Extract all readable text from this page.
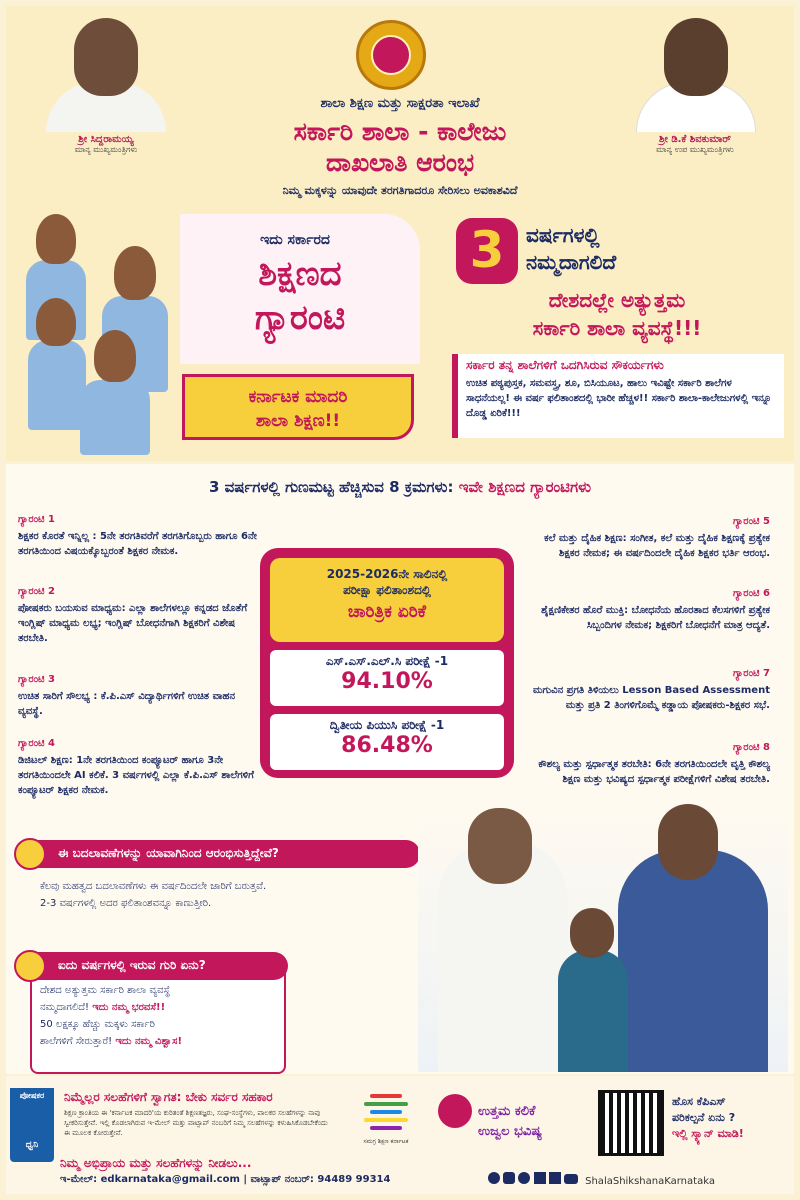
ಶ್ರೀ ಸಿದ್ದರಾಮಯ್ಯ
ಮಾನ್ಯ ಮುಖ್ಯಮಂತ್ರಿಗಳು
ಶ್ರೀ ಡಿ.ಕೆ ಶಿವಕುಮಾರ್
ಮಾನ್ಯ ಉಪ ಮುಖ್ಯಮಂತ್ರಿಗಳು
ಶಾಲಾ ಶಿಕ್ಷಣ ಮತ್ತು ಸಾಕ್ಷರತಾ ಇಲಾಖೆ
ಸರ್ಕಾರಿ ಶಾಲಾ - ಕಾಲೇಜು
ದಾಖಲಾತಿ ಆರಂಭ
ನಿಮ್ಮ ಮಕ್ಕಳನ್ನು ಯಾವುದೇ ತರಗತಿಗಾದರೂ ಸೇರಿಸಲು ಅವಕಾಶವಿದೆ
ಇದು ಸರ್ಕಾರದ
ಶಿಕ್ಷಣದ
ಗ್ಯಾರಂಟಿ
ಕರ್ನಾಟಕ ಮಾದರಿ
ಶಾಲಾ ಶಿಕ್ಷಣ!!
3	ವರ್ಷಗಳಲ್ಲಿ
ನಮ್ಮದಾಗಲಿದೆ
ದೇಶದಲ್ಲೇ ಅತ್ಯುತ್ತಮ
ಸರ್ಕಾರಿ ಶಾಲಾ ವ್ಯವಸ್ಥೆ!!!
ಸರ್ಕಾರ ತನ್ನ ಶಾಲೆಗಳಿಗೆ ಒದಗಿಸಿರುವ ಸೌಕರ್ಯಗಳು
ಉಚಿತ ಪಠ್ಯಪುಸ್ತಕ, ಸಮವಸ್ತ್ರ, ಶೂ, ಬಿಸಿಯೂಟ, ಹಾಲು ಇವಿಷ್ಟೇ ಸರ್ಕಾರಿ ಶಾಲೆಗಳ ಸಾಧನೆಯಲ್ಲ! ಈ ವರ್ಷ ಫಲಿತಾಂಶದಲ್ಲಿ ಭಾರೀ ಹೆಚ್ಚಳ!! ಸರ್ಕಾರಿ ಶಾಲಾ-ಕಾಲೇಜುಗಳಲ್ಲಿ ಇನ್ನೂ ದೊಡ್ಡ ಏರಿಕೆ!!!
3 ವರ್ಷಗಳಲ್ಲಿ ಗುಣಮಟ್ಟ ಹೆಚ್ಚಿಸುವ 8 ಕ್ರಮಗಳು: ಇವೇ ಶಿಕ್ಷಣದ ಗ್ಯಾರಂಟಿಗಳು
ಗ್ಯಾರಂಟಿ 1
ಶಿಕ್ಷಕರ ಕೊರತೆ ಇನ್ನಿಲ್ಲ : 5ನೇ ತರಗತಿವರೆಗೆ ತರಗತಿಗೊಬ್ಬರು ಹಾಗೂ 6ನೇ ತರಗತಿಯಿಂದ ವಿಷಯಕ್ಕೊಬ್ಬರಂತೆ ಶಿಕ್ಷಕರ ನೇಮಕ.
ಗ್ಯಾರಂಟಿ 2
ಪೋಷಕರು ಬಯಸುವ ಮಾಧ್ಯಮ: ಎಲ್ಲಾ ಶಾಲೆಗಳಲ್ಲೂ ಕನ್ನಡದ ಜೊತೆಗೆ ಇಂಗ್ಲಿಷ್ ಮಾಧ್ಯಮ ಲಭ್ಯ; ಇಂಗ್ಲಿಷ್ ಬೋಧನೆಗಾಗಿ ಶಿಕ್ಷಕರಿಗೆ ವಿಶೇಷ ತರಬೇತಿ.
ಗ್ಯಾರಂಟಿ 3
ಉಚಿತ ಸಾರಿಗೆ ಸೌಲಭ್ಯ : ಕೆ.ಪಿ.ಎಸ್ ವಿದ್ಯಾರ್ಥಿಗಳಿಗೆ ಉಚಿತ ವಾಹನ ವ್ಯವಸ್ಥೆ.
ಗ್ಯಾರಂಟಿ 4
ಡಿಜಿಟಲ್ ಶಿಕ್ಷಣ: 1ನೇ ತರಗತಿಯಿಂದ ಕಂಪ್ಯೂಟರ್ ಹಾಗೂ 3ನೇ ತರಗತಿಯಿಂದಲೇ AI ಕಲಿಕೆ. 3 ವರ್ಷಗಳಲ್ಲಿ ಎಲ್ಲಾ ಕೆ.ಪಿ.ಎಸ್ ಶಾಲೆಗಳಿಗೆ ಕಂಪ್ಯೂಟರ್ ಶಿಕ್ಷಕರ ನೇಮಕ.
ಗ್ಯಾರಂಟಿ 5
ಕಲೆ ಮತ್ತು ದೈಹಿಕ ಶಿಕ್ಷಣ: ಸಂಗೀತ, ಕಲೆ ಮತ್ತು ದೈಹಿಕ ಶಿಕ್ಷಣಕ್ಕೆ ಪ್ರತ್ಯೇಕ ಶಿಕ್ಷಕರ ನೇಮಕ; ಈ ವರ್ಷದಿಂದಲೇ ದೈಹಿಕ ಶಿಕ್ಷಕರ ಭರ್ತಿ ಆರಂಭ.
ಗ್ಯಾರಂಟಿ 6
ಶೈಕ್ಷಣಿಕೇತರ ಹೊರೆ ಮುಕ್ತಿ: ಬೋಧನೆಯ ಹೊರತಾದ ಕೆಲಸಗಳಿಗೆ ಪ್ರತ್ಯೇಕ ಸಿಬ್ಬಂದಿಗಳ ನೇಮಕ; ಶಿಕ್ಷಕರಿಗೆ ಬೋಧನೆಗೆ ಮಾತ್ರ ಆದ್ಯತೆ.
ಗ್ಯಾರಂಟಿ 7
ಮಗುವಿನ ಪ್ರಗತಿ ತಿಳಿಯಲು Lesson Based Assessment ಮತ್ತು ಪ್ರತಿ 2 ತಿಂಗಳಿಗೊಮ್ಮೆ ಕಡ್ಡಾಯ ಪೋಷಕರು-ಶಿಕ್ಷಕರ ಸಭೆ.
ಗ್ಯಾರಂಟಿ 8
ಕೌಶಲ್ಯ ಮತ್ತು ಸ್ಪರ್ಧಾತ್ಮಕ ತರಬೇತಿ: 6ನೇ ತರಗತಿಯಿಂದಲೇ ವೃತ್ತಿ ಕೌಶಲ್ಯ ಶಿಕ್ಷಣ ಮತ್ತು ಭವಿಷ್ಯದ ಸ್ಪರ್ಧಾತ್ಮಕ ಪರೀಕ್ಷೆಗಳಿಗೆ ವಿಶೇಷ ತರಬೇತಿ.
2025-2026ನೇ ಸಾಲಿನಲ್ಲಿ
ಪರೀಕ್ಷಾ ಫಲಿತಾಂಶದಲ್ಲಿ
ಚಾರಿತ್ರಿಕ ಏರಿಕೆ
ಎಸ್.ಎಸ್.ಎಲ್.ಸಿ ಪರೀಕ್ಷೆ -1
94.10%
ದ್ವಿತೀಯ ಪಿಯುಸಿ ಪರೀಕ್ಷೆ -1
86.48%
ಈ ಬದಲಾವಣೆಗಳನ್ನು ಯಾವಾಗಿನಿಂದ ಆರಂಭಿಸುತ್ತಿದ್ದೇವೆ?
ಕೆಲವು ಮಹತ್ವದ ಬದಲಾವಣೆಗಳು ಈ ವರ್ಷದಿಂದಲೇ ಜಾರಿಗೆ ಬರುತ್ತವೆ.
2-3 ವರ್ಷಗಳಲ್ಲಿ ಅದರ ಫಲಿತಾಂಶವನ್ನೂ ಕಾಣುತ್ತೀರಿ.
ಐದು ವರ್ಷಗಳಲ್ಲಿ ಇರುವ ಗುರಿ ಏನು?
ದೇಶದ ಅತ್ಯುತ್ತಮ ಸರ್ಕಾರಿ ಶಾಲಾ ವ್ಯವಸ್ಥೆ
ನಮ್ಮದಾಗಲಿದೆ! ಇದು ನಮ್ಮ ಭರವಸೆ!!
50 ಲಕ್ಷಕ್ಕೂ ಹೆಚ್ಚು ಮಕ್ಕಳು ಸರ್ಕಾರಿ
ಶಾಲೆಗಳಿಗೆ ಸೇರುತ್ತಾರೆ! ಇದು ನಮ್ಮ ವಿಶ್ವಾಸ!
ಪೋಷಕರ
ಧ್ವನಿ
ನಿಮ್ಮೆಲ್ಲರ ಸಲಹೆಗಳಿಗೆ ಸ್ವಾಗತ: ಬೇಕು ಸರ್ವರ ಸಹಕಾರ
ಶಿಕ್ಷಣ ಕ್ರಾಂತಿಯ ಈ 'ಕರ್ನಾಟಕ ಮಾದರಿ'ಯ ಕುರಿತಂತೆ ಶಿಕ್ಷಣತಜ್ಞರು, ಸಂಘ-ಸಂಸ್ಥೆಗಳು, ಪಾಲಕರ ಸಲಹೆಗಳನ್ನು ನಾವು ಸ್ವೀಕರಿಸುತ್ತೇವೆ. ಇಲ್ಲಿ ಕೊಡಲಾಗಿರುವ ಇ-ಮೇಲ್ ಮತ್ತು ವಾಟ್ಸಾಪ್ ನಂಬರಿಗೆ ನಿಮ್ಮ ಸಲಹೆಗಳನ್ನು ಕಳುಹಿಸಿಕೊಡಬೇಕೆಂದು ಈ ಮೂಲಕ ಕೋರುತ್ತೇವೆ.
ಸಮಗ್ರ ಶಿಕ್ಷಣ ಕರ್ನಾಟಕ
ಉತ್ತಮ ಕಲಿಕೆ
ಉಜ್ವಲ ಭವಿಷ್ಯ
ಹೊಸ ಕೆಪಿಎಸ್
ಪರಿಕಲ್ಪನೆ ಏನು ?
ಇಲ್ಲಿ ಸ್ಕ್ಯಾನ್ ಮಾಡಿ!
ನಿಮ್ಮ ಅಭಿಪ್ರಾಯ ಮತ್ತು ಸಲಹೆಗಳನ್ನು ನೀಡಲು...
ಇ-ಮೇಲ್: edkarnataka@gmail.com | ವಾಟ್ಸಾಪ್ ನಂಬರ್: 94489 99314	ShalaShikshanaKarnataka
